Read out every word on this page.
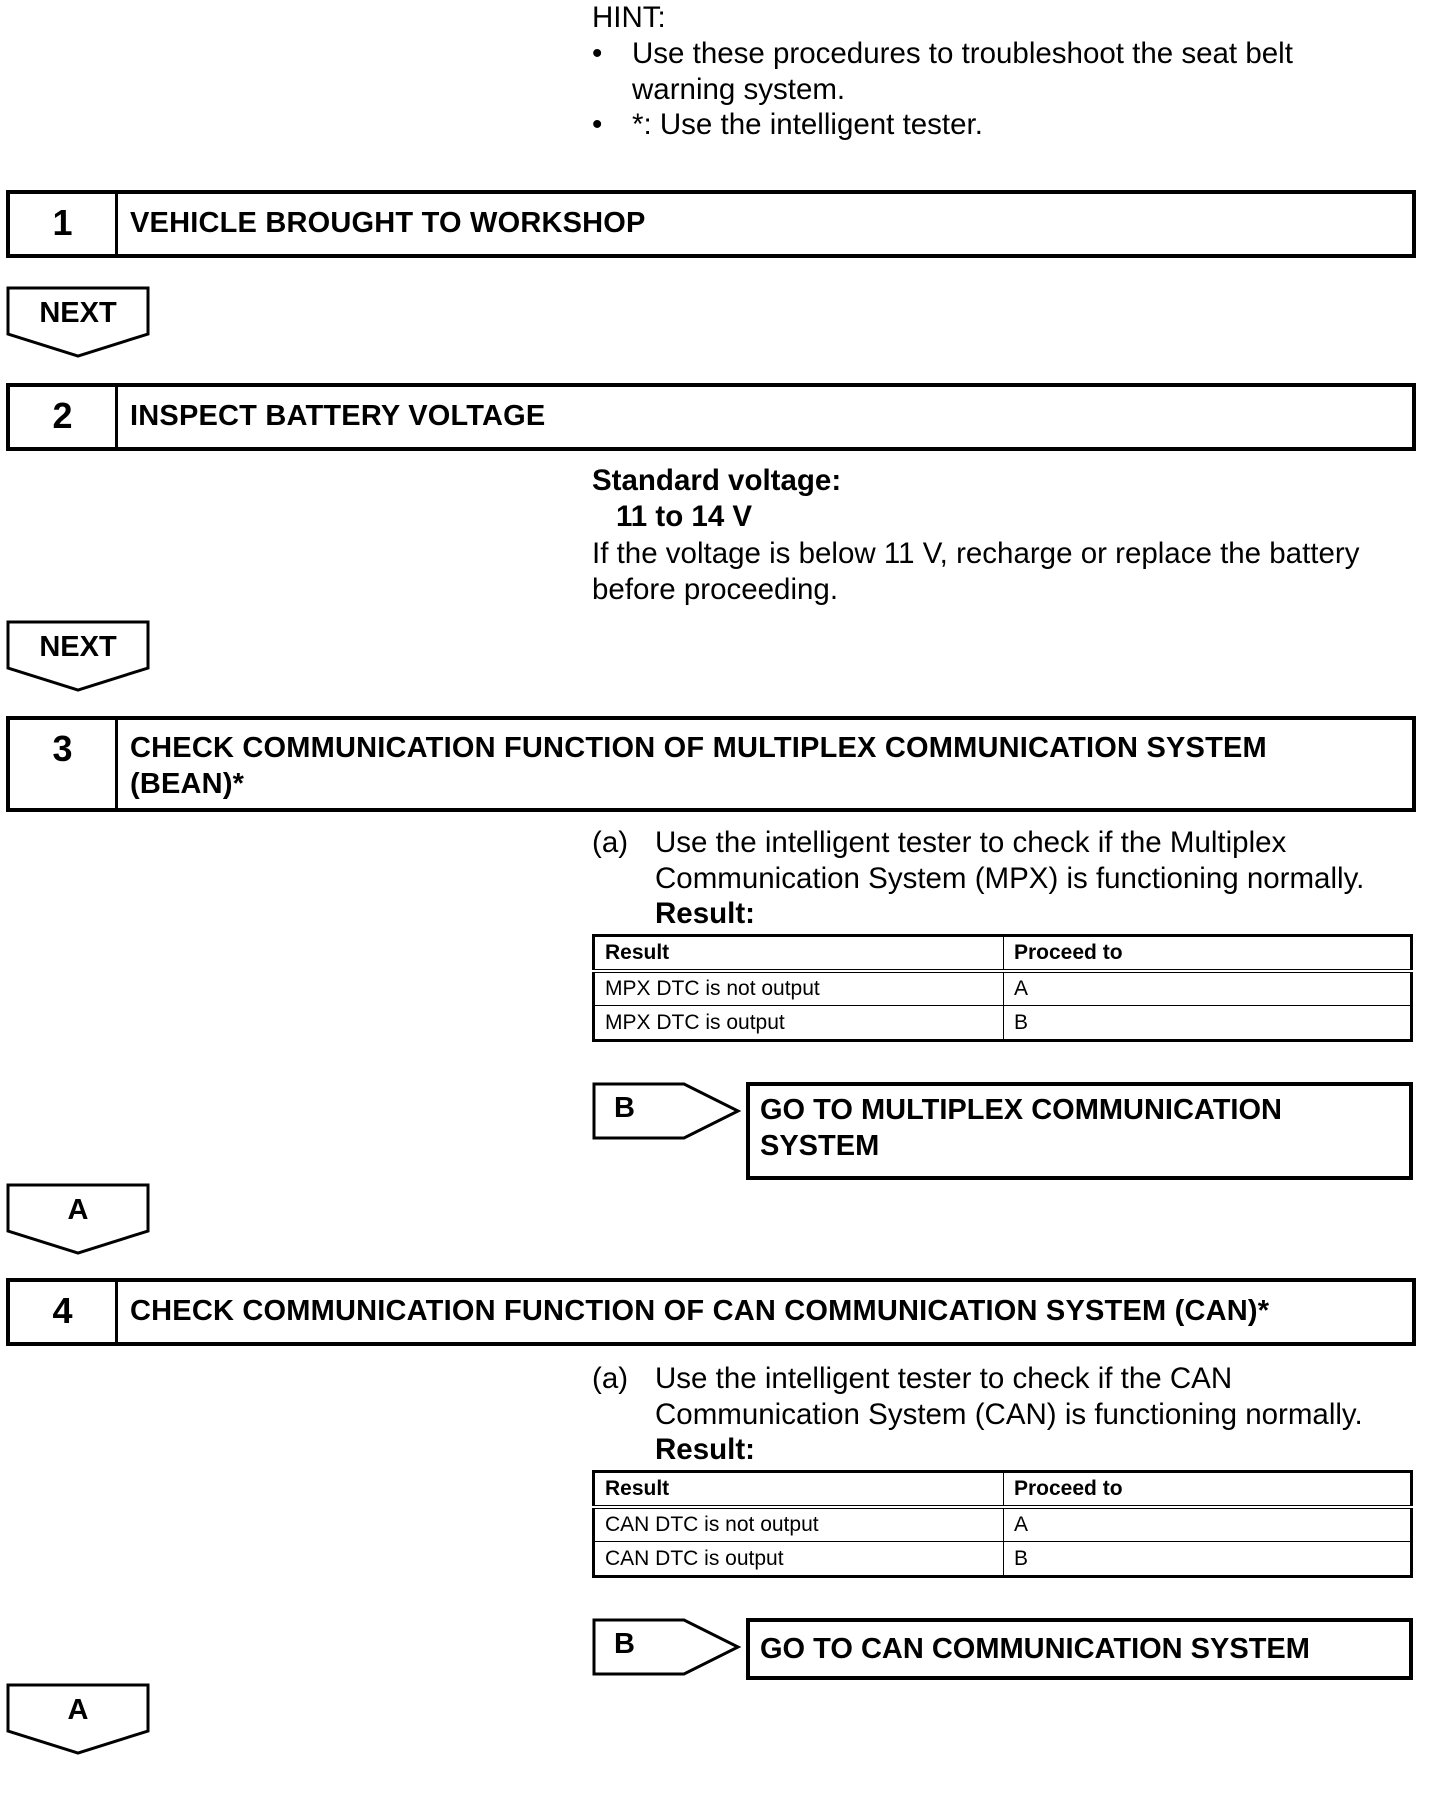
HINT:
• Use these procedures to troubleshoot the seat belt
warning system.
• *: Use the intelligent tester.
1	VEHICLE BROUGHT TO WORKSHOP
NEXT
2	INSPECT BATTERY VOLTAGE
Standard voltage:
11 to 14 V
If the voltage is below 11 V, recharge or replace the battery
before proceeding.
NEXT
3	CHECK COMMUNICATION FUNCTION OF MULTIPLEX COMMUNICATION SYSTEM
(BEAN)*
(a) Use the intelligent tester to check if the Multiplex
Communication System (MPX) is functioning normally.
Result:
Result	Proceed to
MPX DTC is not output	A
MPX DTC is output	B
B	GO TO MULTIPLEX COMMUNICATION
SYSTEM
A
4	CHECK COMMUNICATION FUNCTION OF CAN COMMUNICATION SYSTEM (CAN)*
(a) Use the intelligent tester to check if the CAN
Communication System (CAN) is functioning normally.
Result:
Result	Proceed to
CAN DTC is not output	A
CAN DTC is output	B
B	GO TO CAN COMMUNICATION SYSTEM
A
